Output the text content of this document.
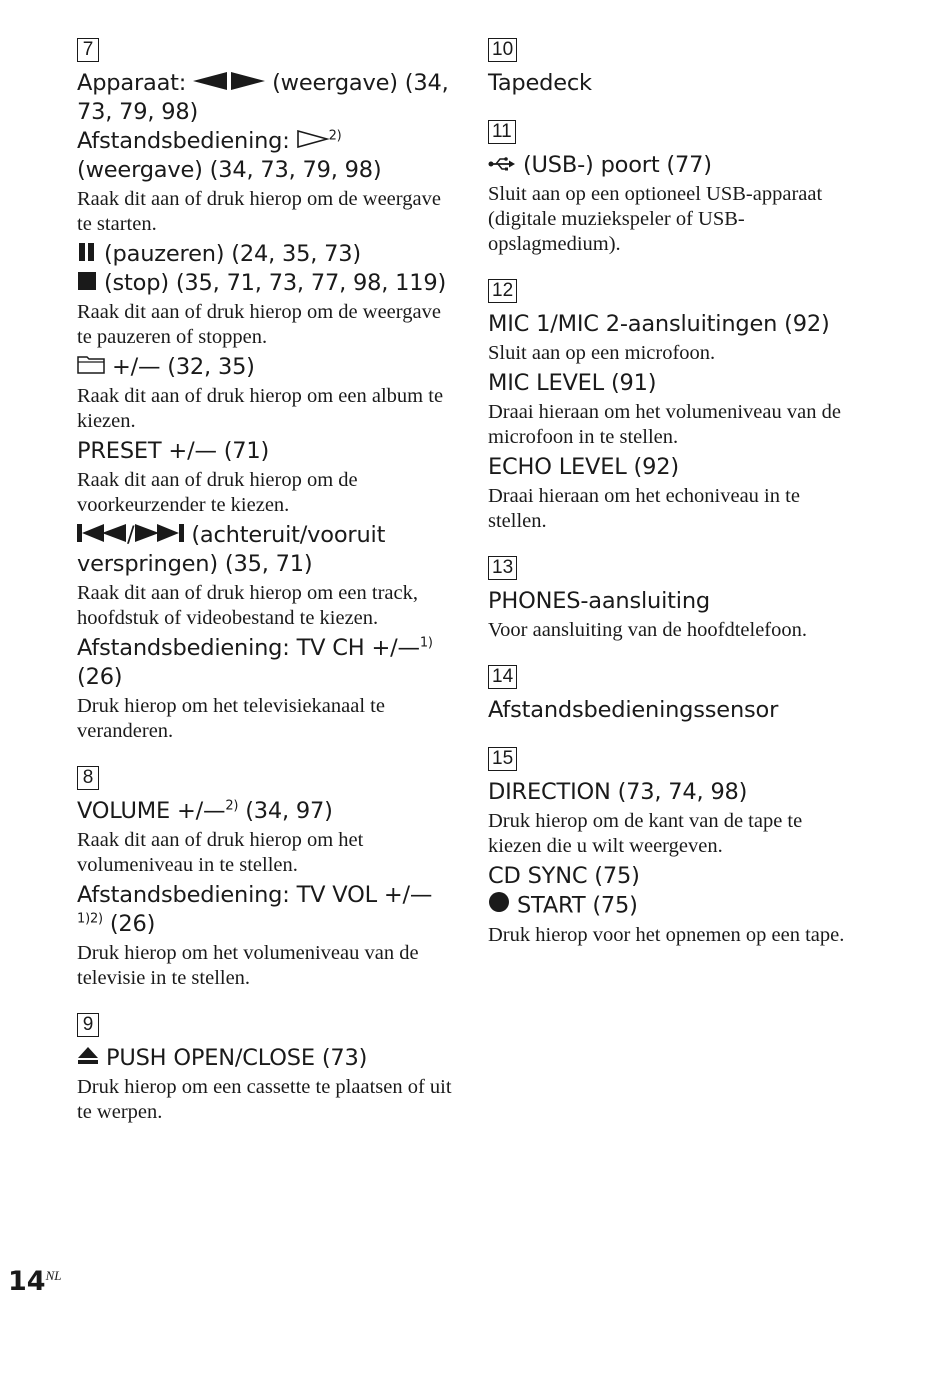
7

Apparaat:	(weergave) (34, 73, 79, 98)

Afstandsbediening: $^{2)}$
(weergave) (34, 73, 79, 98)

Raak dit aan of druk hierop om de weergave te starten.

(pauzeren) (24, 35, 73)

(stop) (35, 71, 73, 77, 98, 119)

Raak dit aan of druk hierop om de weergave te pauzeren of stoppen.

+/— (32, 35)

Raak dit aan of druk hierop om een album te kiezen.

PRESET +/— (71)

Raak dit aan of druk hierop om de voorkeurzender te kiezen.

/ (achteruit/vooruit verspringen) (35, 71)

Raak dit aan of druk hierop om een track, hoofdstuk of videobestand te kiezen.

Afstandsbediening: TV CH +/—$^{1)}$
(26)

Druk hierop om het televisiekanaal te veranderen.

8

VOLUME +/—$^{2)}$ (34, 97)

Raak dit aan of druk hierop om het volumeniveau in te stellen.

Afstandsbediening: TV VOL +/—$^{1)2)}$ (26)

Druk hierop om het volumeniveau van de televisie in te stellen.

9

PUSH OPEN/CLOSE (73)

Druk hierop om een cassette te plaatsen of uit te werpen.

10

Tapedeck

11

(USB-) poort (77)

Sluit aan op een optioneel USB-apparaat (digitale muziekspeler of USB-opslagmedium).

12

MIC 1/MIC 2-aansluitingen (92)

Sluit aan op een microfoon.

MIC LEVEL (91)

Draai hieraan om het volumeniveau van de microfoon in te stellen.

ECHO LEVEL (92)

Draai hieraan om het echoniveau in te stellen.

13

PHONES-aansluiting

Voor aansluiting van de hoofdtelefoon.

14

Afstandsbedieningssensor

15

DIRECTION (73, 74, 98)

Druk hierop om de kant van de tape te kiezen die u wilt weergeven.

CD SYNC (75)

START (75)

Druk hierop voor het opnemen op een tape.

$14^{NL}$
